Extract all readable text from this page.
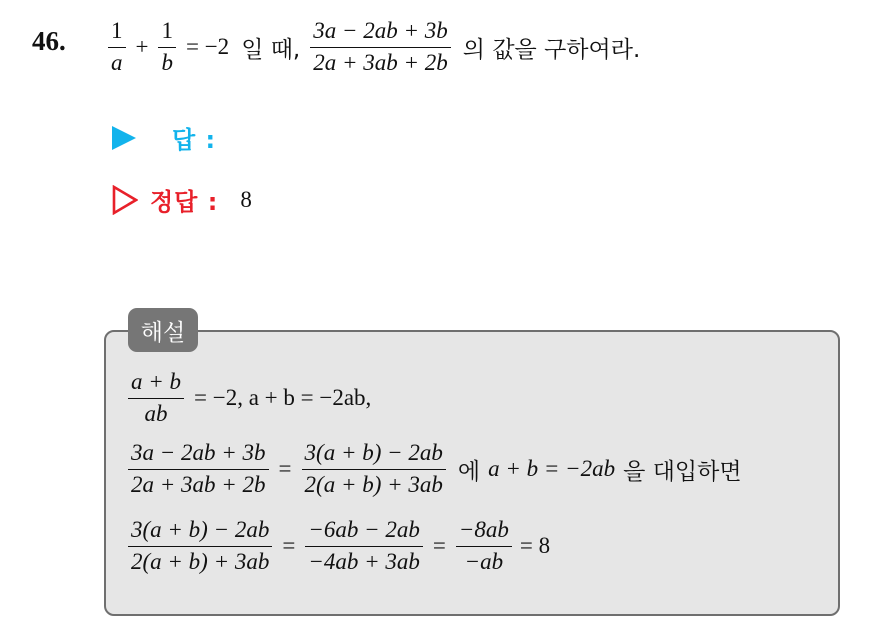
46. $\frac{1}{a} + \frac{1}{b} = -2$ 일 때, $\frac{3a - 2ab + 3b}{2a + 3ab + 2b}$ 의 값을 구하여라.
답 :
정답 : 8
해설
$\frac{a + b}{ab} = -2$, a + b = −2ab,
$\frac{3a - 2ab + 3b}{2a + 3ab + 2b} = \frac{3(a + b) - 2ab}{2(a + b) + 3ab}$ 에 a + b = −2ab 을 대입하면
$\frac{3(a + b) - 2ab}{2(a + b) + 3ab} = \frac{-6ab - 2ab}{-4ab + 3ab} = \frac{-8ab}{-ab} = 8$
